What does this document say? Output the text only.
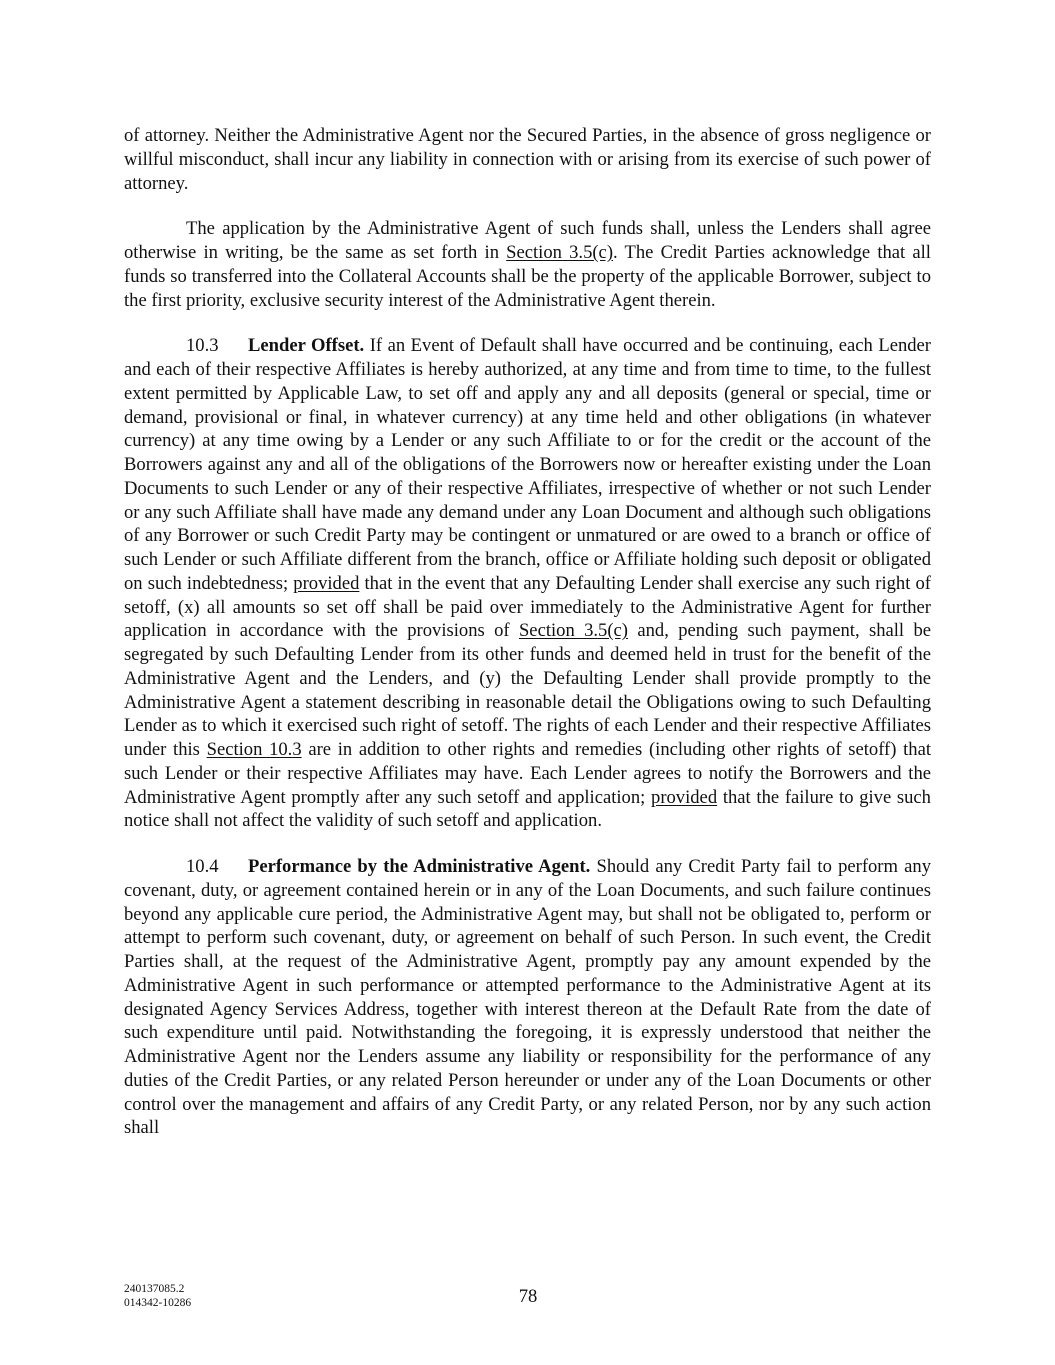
of attorney. Neither the Administrative Agent nor the Secured Parties, in the absence of gross negligence or willful misconduct, shall incur any liability in connection with or arising from its exercise of such power of attorney.

The application by the Administrative Agent of such funds shall, unless the Lenders shall agree otherwise in writing, be the same as set forth in Section 3.5(c). The Credit Parties acknowledge that all funds so transferred into the Collateral Accounts shall be the property of the applicable Borrower, subject to the first priority, exclusive security interest of the Administrative Agent therein.

10.3 Lender Offset. If an Event of Default shall have occurred and be continuing, each Lender and each of their respective Affiliates is hereby authorized, at any time and from time to time, to the fullest extent permitted by Applicable Law, to set off and apply any and all deposits (general or special, time or demand, provisional or final, in whatever currency) at any time held and other obligations (in whatever currency) at any time owing by a Lender or any such Affiliate to or for the credit or the account of the Borrowers against any and all of the obligations of the Borrowers now or hereafter existing under the Loan Documents to such Lender or any of their respective Affiliates, irrespective of whether or not such Lender or any such Affiliate shall have made any demand under any Loan Document and although such obligations of any Borrower or such Credit Party may be contingent or unmatured or are owed to a branch or office of such Lender or such Affiliate different from the branch, office or Affiliate holding such deposit or obligated on such indebtedness; provided that in the event that any Defaulting Lender shall exercise any such right of setoff, (x) all amounts so set off shall be paid over immediately to the Administrative Agent for further application in accordance with the provisions of Section 3.5(c) and, pending such payment, shall be segregated by such Defaulting Lender from its other funds and deemed held in trust for the benefit of the Administrative Agent and the Lenders, and (y) the Defaulting Lender shall provide promptly to the Administrative Agent a statement describing in reasonable detail the Obligations owing to such Defaulting Lender as to which it exercised such right of setoff. The rights of each Lender and their respective Affiliates under this Section 10.3 are in addition to other rights and remedies (including other rights of setoff) that such Lender or their respective Affiliates may have. Each Lender agrees to notify the Borrowers and the Administrative Agent promptly after any such setoff and application; provided that the failure to give such notice shall not affect the validity of such setoff and application.

10.4 Performance by the Administrative Agent. Should any Credit Party fail to perform any covenant, duty, or agreement contained herein or in any of the Loan Documents, and such failure continues beyond any applicable cure period, the Administrative Agent may, but shall not be obligated to, perform or attempt to perform such covenant, duty, or agreement on behalf of such Person. In such event, the Credit Parties shall, at the request of the Administrative Agent, promptly pay any amount expended by the Administrative Agent in such performance or attempted performance to the Administrative Agent at its designated Agency Services Address, together with interest thereon at the Default Rate from the date of such expenditure until paid. Notwithstanding the foregoing, it is expressly understood that neither the Administrative Agent nor the Lenders assume any liability or responsibility for the performance of any duties of the Credit Parties, or any related Person hereunder or under any of the Loan Documents or other control over the management and affairs of any Credit Party, or any related Person, nor by any such action shall

240137085.2
014342-10286	78
